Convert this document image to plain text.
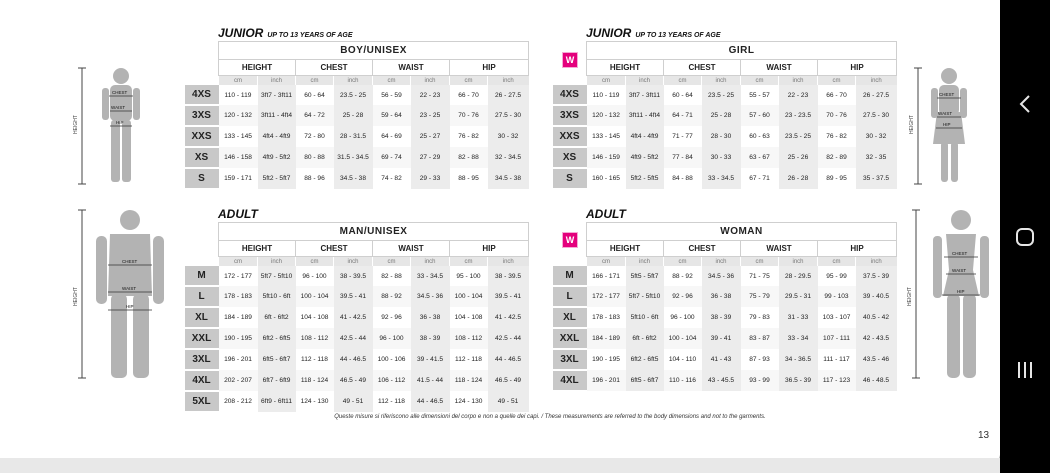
JUNIOR UP TO 13 YEARS OF AGE	JUNIOR UP TO 13 YEARS OF AGE
ADULT	ADULT
W
W
	BOY/UNISEX							
	HEIGHT		CHEST		WAIST		HIP	
	cm	inch	cm	inch	cm	inch	cm	inch
4XS	110 - 119	3ft7 - 3ft11	60 - 64	23.5 - 25	56 - 59	22 - 23	66 - 70	26 - 27.5
3XS	120 - 132	3ft11 - 4ft4	64 - 72	25 - 28	59 - 64	23 - 25	70 - 76	27.5 - 30
XXS	133 - 145	4ft4 - 4ft9	72 - 80	28 - 31.5	64 - 69	25 - 27	76 - 82	30 - 32
XS	146 - 158	4ft9 - 5ft2	80 - 88	31.5 - 34.5	69 - 74	27 - 29	82 - 88	32 - 34.5
S	159 - 171	5ft2 - 5ft7	88 - 96	34.5 - 38	74 - 82	29 - 33	88 - 95	34.5 - 38
	GIRL							
	HEIGHT		CHEST		WAIST		HIP	
	cm	inch	cm	inch	cm	inch	cm	inch
4XS	110 - 119	3ft7 - 3ft11	60 - 64	23.5 - 25	55 - 57	22 - 23	66 - 70	26 - 27.5
3XS	120 - 132	3ft11 - 4ft4	64 - 71	25 - 28	57 - 60	23 - 23.5	70 - 76	27.5 - 30
XXS	133 - 145	4ft4 - 4ft9	71 - 77	28 - 30	60 - 63	23.5 - 25	76 - 82	30 - 32
XS	146 - 159	4ft9 - 5ft2	77 - 84	30 - 33	63 - 67	25 - 26	82 - 89	32 - 35
S	160 - 165	5ft2 - 5ft5	84 - 88	33 - 34.5	67 - 71	26 - 28	89 - 95	35 - 37.5
	MAN/UNISEX							
	HEIGHT		CHEST		WAIST		HIP	
	cm	inch	cm	inch	cm	inch	cm	inch
M	172 - 177	5ft7 - 5ft10	96 - 100	38 - 39.5	82 - 88	33 - 34.5	95 - 100	38 - 39.5
L	178 - 183	5ft10 - 6ft	100 - 104	39.5 - 41	88 - 92	34.5 - 36	100 - 104	39.5 - 41
XL	184 - 189	6ft - 6ft2	104 - 108	41 - 42.5	92 - 96	36 - 38	104 - 108	41 - 42.5
XXL	190 - 195	6ft2 - 6ft5	108 - 112	42.5 - 44	96 - 100	38 - 39	108 - 112	42.5 - 44
3XL	196 - 201	6ft5 - 6ft7	112 - 118	44 - 46.5	100 - 106	39 - 41.5	112 - 118	44 - 46.5
4XL	202 - 207	6ft7 - 6ft9	118 - 124	46.5 - 49	106 - 112	41.5 - 44	118 - 124	46.5 - 49
5XL	208 - 212	6ft9 - 6ft11	124 - 130	49 - 51	112 - 118	44 - 46.5	124 - 130	49 - 51
	WOMAN							
	HEIGHT		CHEST		WAIST		HIP	
	cm	inch	cm	inch	cm	inch	cm	inch
M	166 - 171	5ft5 - 5ft7	88 - 92	34.5 - 36	71 - 75	28 - 29.5	95 - 99	37.5 - 39
L	172 - 177	5ft7 - 5ft10	92 - 96	36 - 38	75 - 79	29.5 - 31	99 - 103	39 - 40.5
XL	178 - 183	5ft10 - 6ft	96 - 100	38 - 39	79 - 83	31 - 33	103 - 107	40.5 - 42
XXL	184 - 189	6ft - 6ft2	100 - 104	39 - 41	83 - 87	33 - 34	107 - 111	42 - 43.5
3XL	190 - 195	6ft2 - 6ft5	104 - 110	41 - 43	87 - 93	34 - 36.5	111 - 117	43.5 - 46
4XL	196 - 201	6ft5 - 6ft7	110 - 116	43 - 45.5	93 - 99	36.5 - 39	117 - 123	46 - 48.5
HEIGHT
CHEST
WAIST
HIP	HEIGHT
CHEST
WAIST
HIP
HEIGHT
CHEST
WAIST
HIP
HEIGHT
CHEST
WAIST
HIP
Queste misure si riferiscono alle dimensioni del corpo e non a quelle dei capi. / These measurements are referred to the body dimensions and not to the garments.
13
